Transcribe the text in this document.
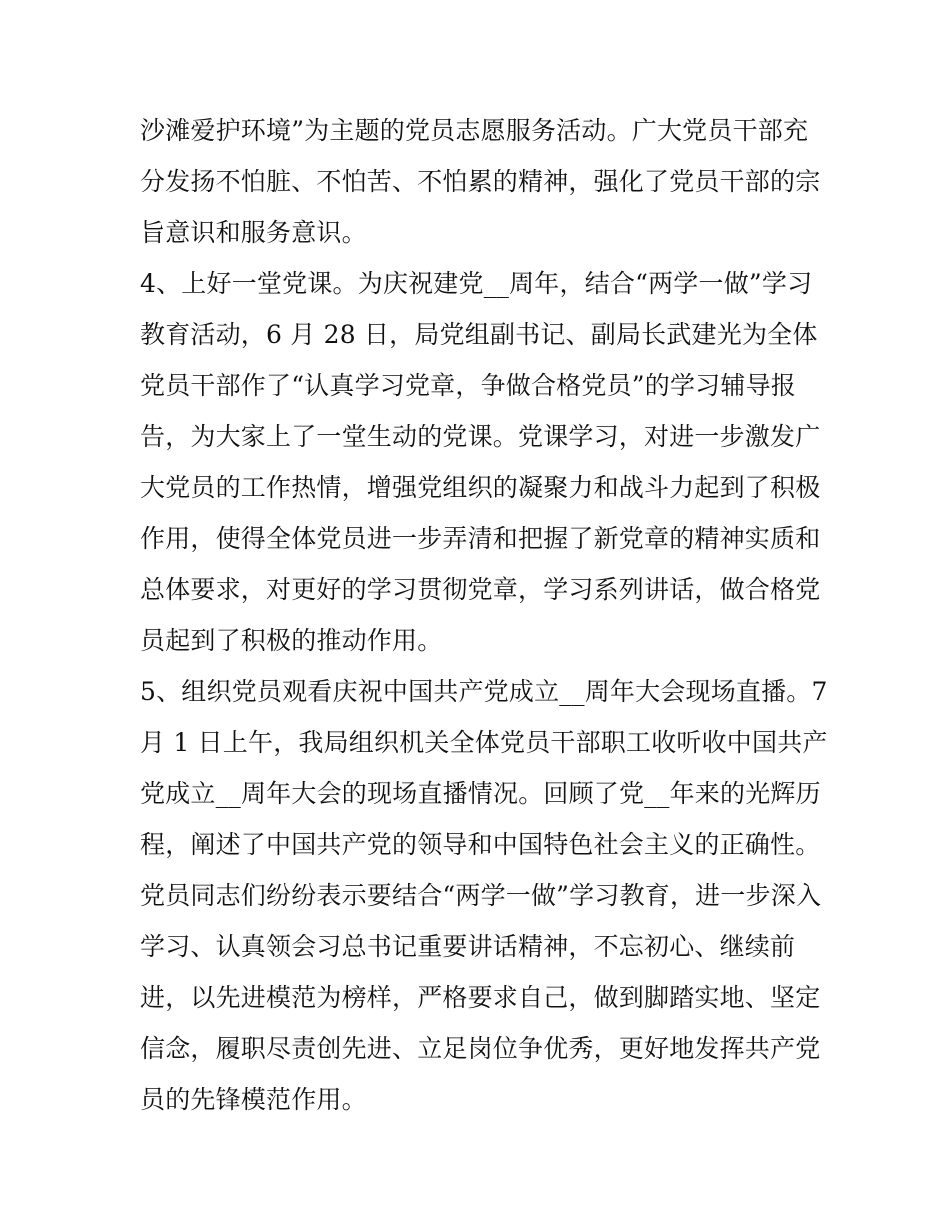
沙滩爱护环境”为主题的党员志愿服务活动。广大党员干部充
分发扬不怕脏、不怕苦、不怕累的精神，强化了党员干部的宗
旨意识和服务意识。
4、上好一堂党课。为庆祝建党__周年，结合“两学一做”学习
教育活动，6 月 28 日，局党组副书记、副局长武建光为全体
党员干部作了“认真学习党章，争做合格党员”的学习辅导报
告，为大家上了一堂生动的党课。党课学习，对进一步激发广
大党员的工作热情，增强党组织的凝聚力和战斗力起到了积极
作用，使得全体党员进一步弄清和把握了新党章的精神实质和
总体要求，对更好的学习贯彻党章，学习系列讲话，做合格党
员起到了积极的推动作用。
5、组织党员观看庆祝中国共产党成立__周年大会现场直播。7
月 1 日上午，我局组织机关全体党员干部职工收听收中国共产
党成立__周年大会的现场直播情况。回顾了党__年来的光辉历
程，阐述了中国共产党的领导和中国特色社会主义的正确性。
党员同志们纷纷表示要结合“两学一做”学习教育，进一步深入
学习、认真领会习总书记重要讲话精神，不忘初心、继续前
进，以先进模范为榜样，严格要求自己，做到脚踏实地、坚定
信念，履职尽责创先进、立足岗位争优秀，更好地发挥共产党
员的先锋模范作用。
